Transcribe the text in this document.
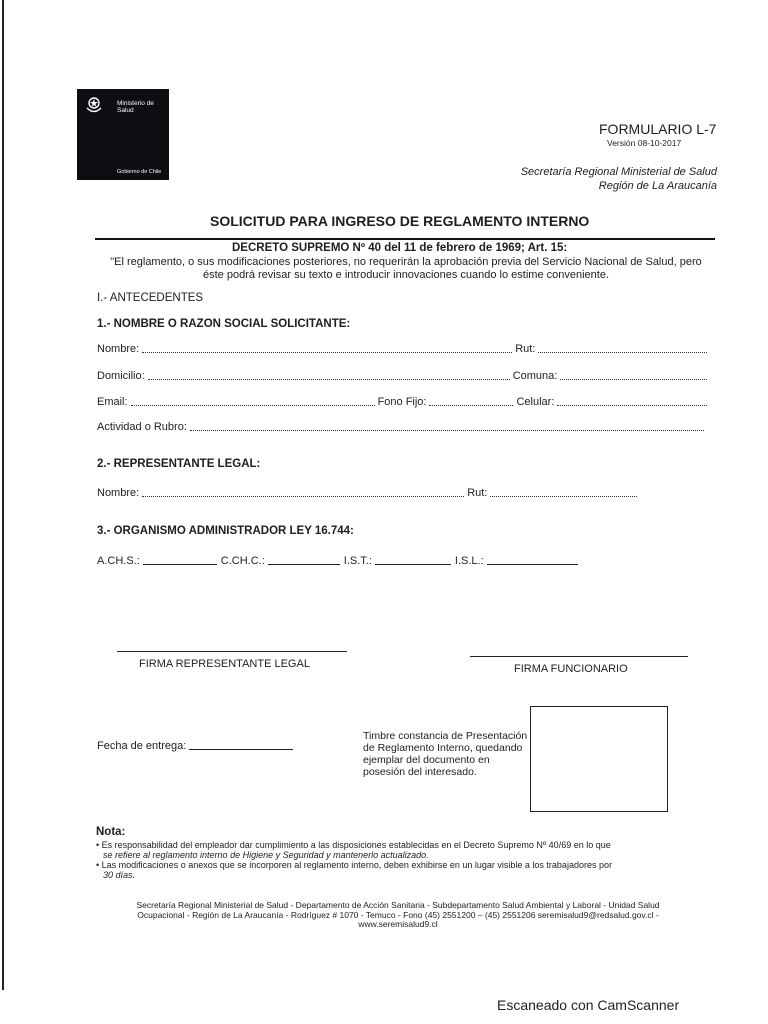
Ministerio de
Salud
Gobierno de Chile
FORMULARIO L-7
Versión 08-10-2017
Secretaría Regional Ministerial de Salud
Región de La Araucanía
SOLICITUD PARA INGRESO DE REGLAMENTO INTERNO
DECRETO SUPREMO Nº 40 del 11 de febrero de 1969; Art. 15:
"El reglamento, o sus modificaciones posteriores, no requerirán la aprobación previa del Servicio Nacional de Salud, pero éste podrá revisar su texto e introducir innovaciones cuando lo estime conveniente.
I.- ANTECEDENTES
1.- NOMBRE O RAZON SOCIAL SOLICITANTE:
Nombre:	Rut:
Domicilio:	Comuna:
Email:	Fono Fijo:	Celular:
Actividad o Rubro:
2.- REPRESENTANTE LEGAL:
Nombre:	Rut:
3.- ORGANISMO ADMINISTRADOR LEY 16.744:
A.CH.S.:	C.CH.C.:	I.S.T.:	I.S.L.:
FIRMA REPRESENTANTE LEGAL	FIRMA FUNCIONARIO
Fecha de entrega:
Timbre constancia de Presentación de Reglamento Interno, quedando ejemplar del documento en posesión del interesado.
Nota:
• Es responsabilidad del empleador dar cumplimiento a las disposiciones establecidas en el Decreto Supremo Nº 40/69 en lo que
se refiere al reglamento interno de Higiene y Seguridad y mantenerlo actualizado.
• Las modificaciones o anexos que se incorporen al reglamento interno, deben exhibirse en un lugar visible a los trabajadores por
30 días.
Secretaría Regional Ministerial de Salud - Departamento de Acción Sanitaria - Subdepartamento Salud Ambiental y Laboral - Unidad Salud
Ocupacional - Región de La Araucanía - Rodríguez # 1070 - Temuco - Fono (45) 2551200 – (45) 2551206 seremisalud9@redsalud.gov.cl -
www.seremisalud9.cl
Escaneado con CamScanner
